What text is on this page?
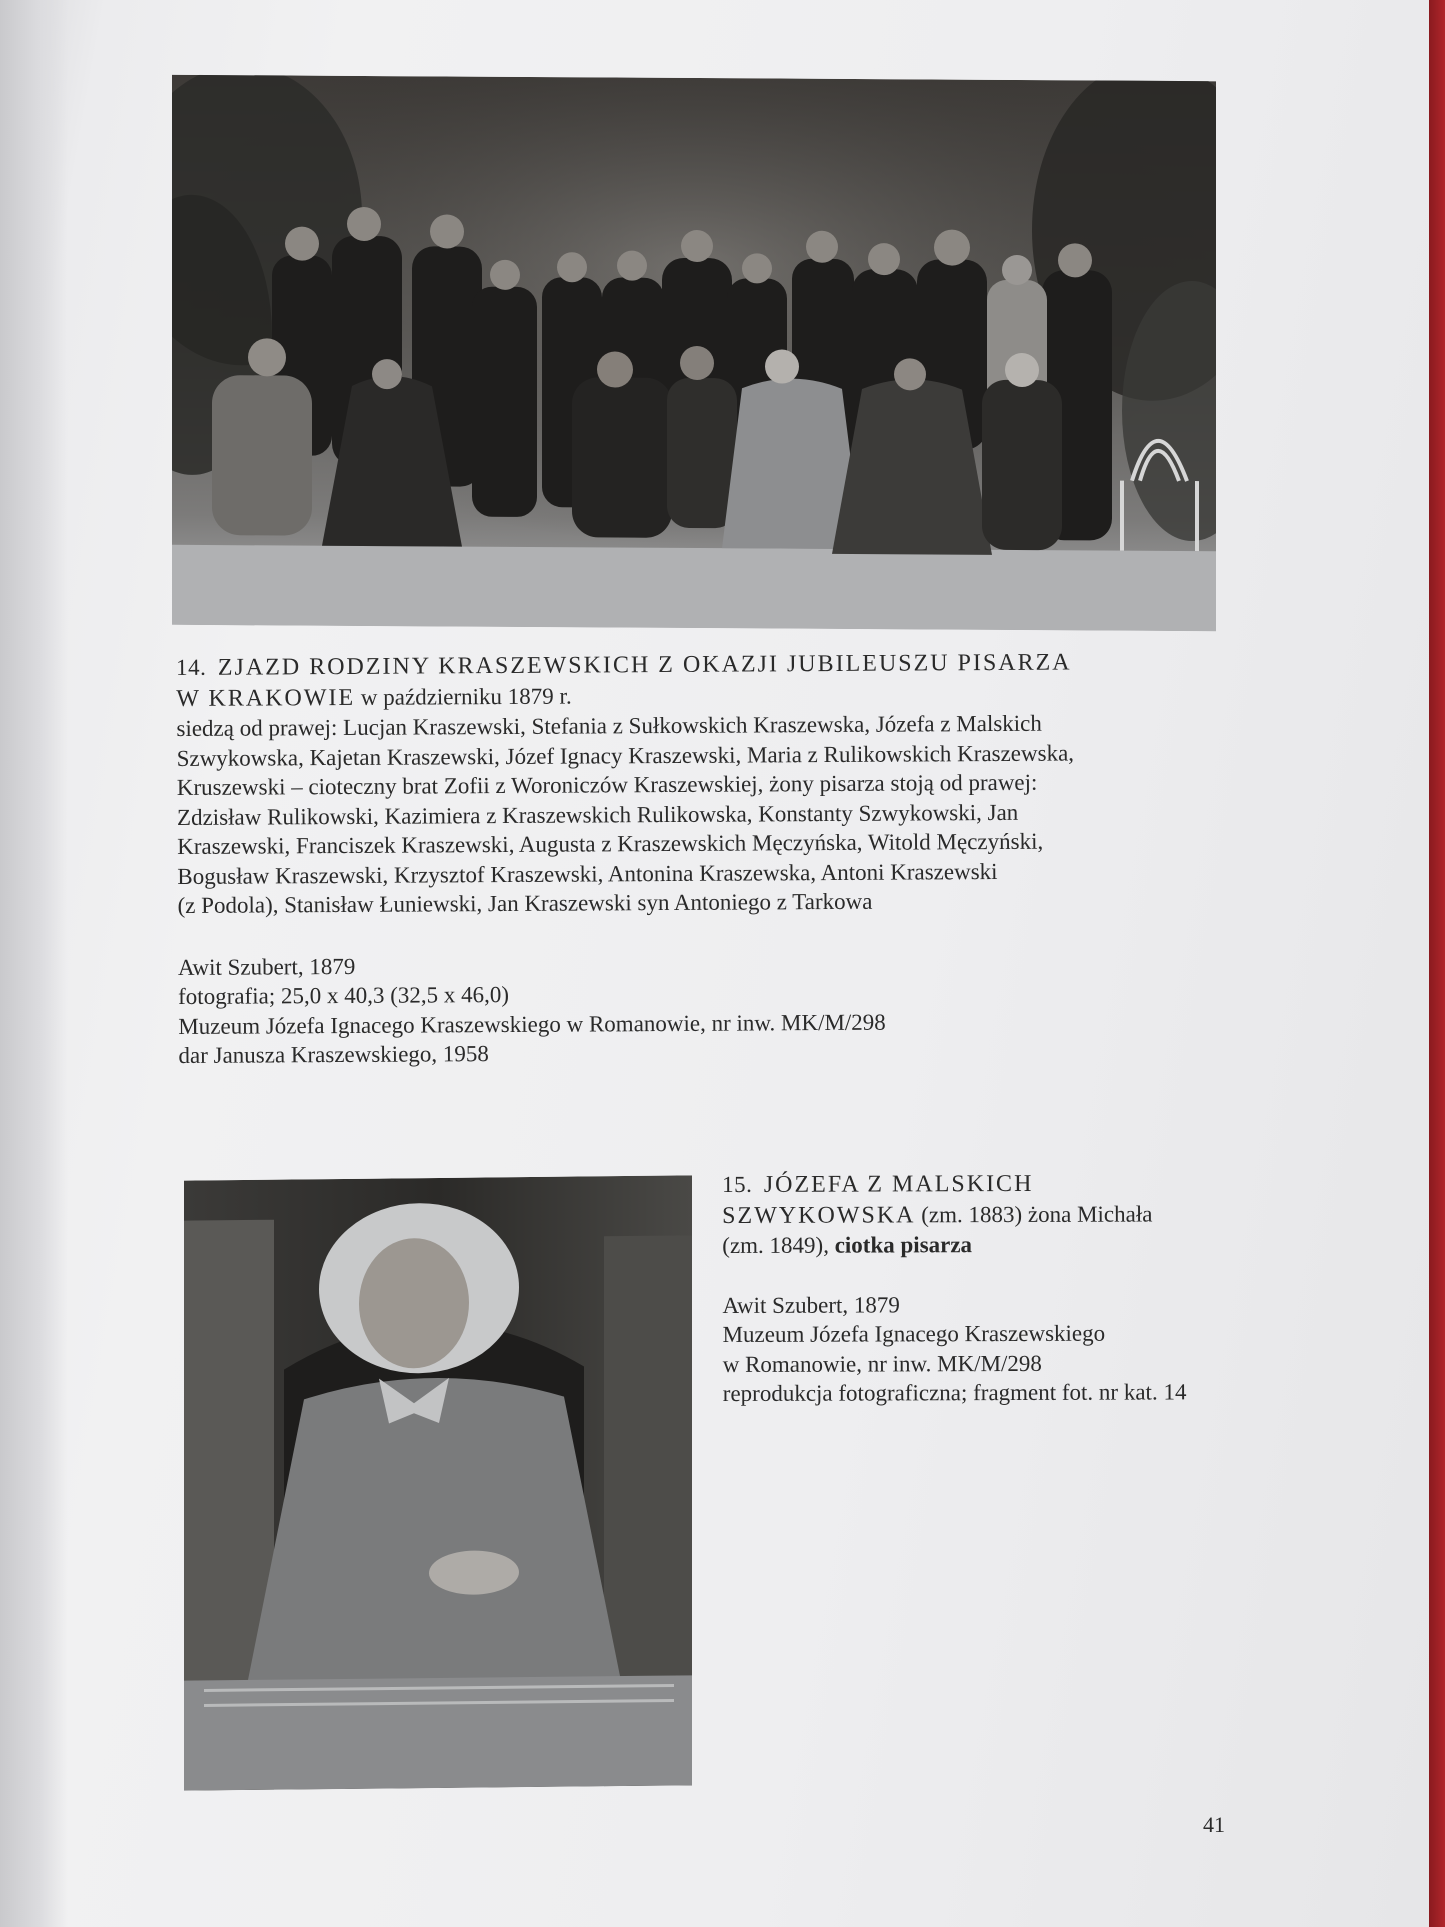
14. ZJAZD RODZINY KRASZEWSKICH Z OKAZJI JUBILEUSZU PISARZA

W KRAKOWIE w październiku 1879 r.

siedzą od prawej: Lucjan Kraszewski, Stefania z Sułkowskich Kraszewska, Józefa z Malskich

Szwykowska, Kajetan Kraszewski, Józef Ignacy Kraszewski, Maria z Rulikowskich Kraszewska,

Kruszewski – cioteczny brat Zofii z Woroniczów Kraszewskiej, żony pisarza stoją od prawej:

Zdzisław Rulikowski, Kazimiera z Kraszewskich Rulikowska, Konstanty Szwykowski, Jan

Kraszewski, Franciszek Kraszewski, Augusta z Kraszewskich Męczyńska, Witold Męczyński,

Bogusław Kraszewski, Krzysztof Kraszewski, Antonina Kraszewska, Antoni Kraszewski

(z Podola), Stanisław Łuniewski, Jan Kraszewski syn Antoniego z Tarkowa

Awit Szubert, 1879

fotografia; 25,0 x 40,3 (32,5 x 46,0)

Muzeum Józefa Ignacego Kraszewskiego w Romanowie, nr inw. MK/M/298

dar Janusza Kraszewskiego, 1958

15. JÓZEFA Z MALSKICH

SZWYKOWSKA (zm. 1883) żona Michała

(zm. 1849), ciotka pisarza

Awit Szubert, 1879

Muzeum Józefa Ignacego Kraszewskiego

w Romanowie, nr inw. MK/M/298

reprodukcja fotograficzna; fragment fot. nr kat. 14

41
